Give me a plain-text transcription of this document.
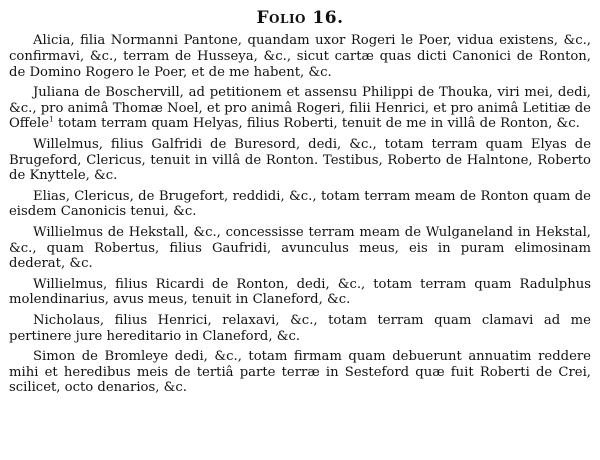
Folio 16.

Alicia, filia Normanni Pantone, quandam uxor Rogeri le Poer, vidua existens, &c., confirmavi, &c., terram de Husseya, &c., sicut cartæ quas dicti Canonici de Ronton, de Domino Rogero le Poer, et de me habent, &c.

Juliana de Boschervill, ad petitionem et assensu Philippi de Thouka, viri mei, dedi, &c., pro animâ Thomæ Noel, et pro animâ Rogeri, filii Henrici, et pro animâ Letitiæ de Offele$^1$ totam terram quam Helyas, filius Roberti, tenuit de me in villâ de Ronton, &c.

Willelmus, filius Galfridi de Buresord, dedi, &c., totam terram quam Elyas de Brugeford, Clericus, tenuit in villâ de Ronton. Testibus, Roberto de Halntone, Roberto de Knyttele, &c.

Elias, Clericus, de Brugefort, reddidi, &c., totam terram meam de Ronton quam de eisdem Canonicis tenui, &c.

Willielmus de Hekstall, &c., concessisse terram meam de Wulganeland in Hekstal, &c., quam Robertus, filius Gaufridi, avunculus meus, eis in puram elimosinam dederat, &c.

Willielmus, filius Ricardi de Ronton, dedi, &c., totam terram quam Radulphus molendinarius, avus meus, tenuit in Claneford, &c.

Nicholaus, filius Henrici, relaxavi, &c., totam terram quam clamavi ad me pertinere jure hereditario in Claneford, &c.

Simon de Bromleye dedi, &c., totam firmam quam debuerunt annuatim reddere mihi et heredibus meis de tertiâ parte terræ in Sesteford quæ fuit Roberti de Crei, scilicet, octo denarios, &c.
